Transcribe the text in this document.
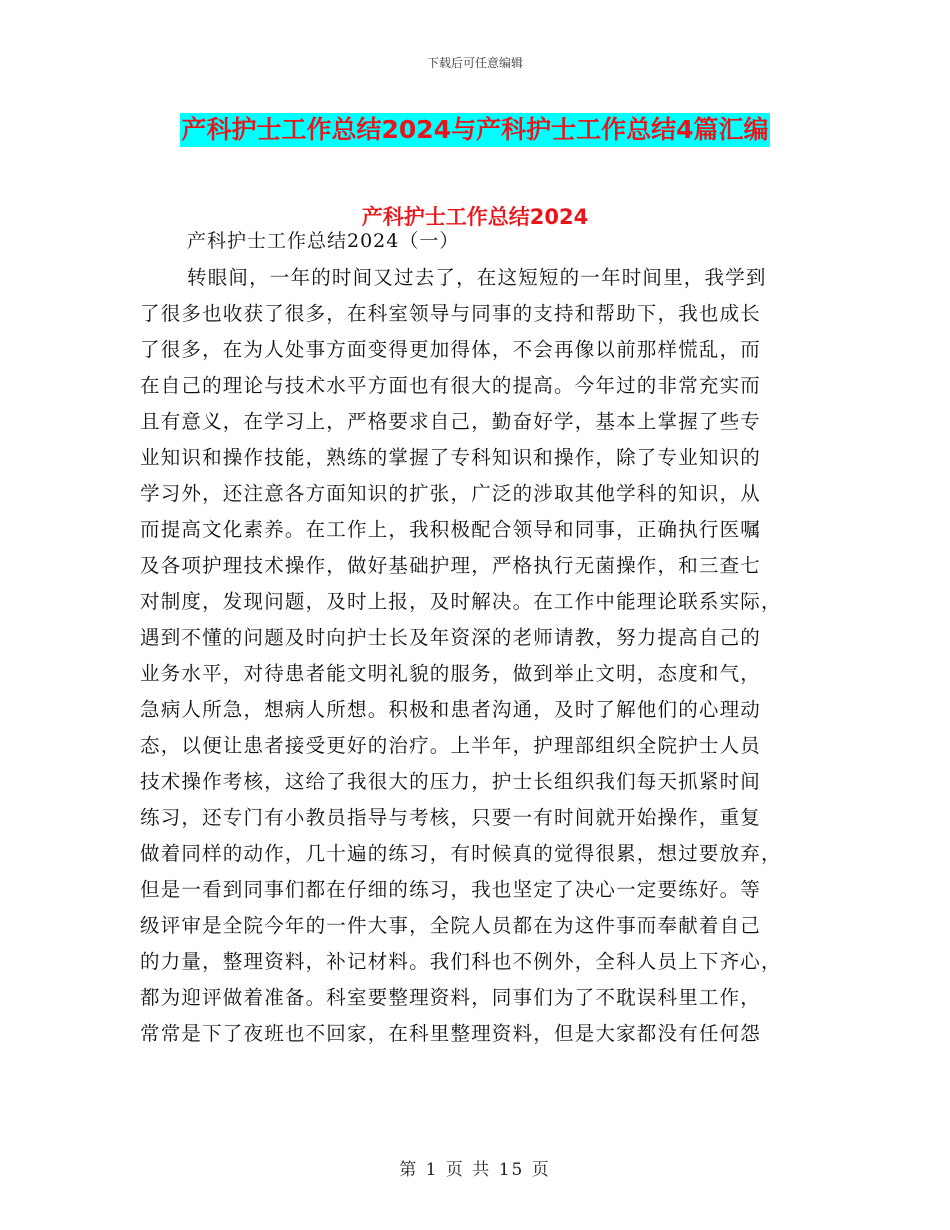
下载后可任意编辑
产科护士工作总结2024与产科护士工作总结4篇汇编
产科护士工作总结2024
产科护士工作总结2024（一）
转眼间，一年的时间又过去了，在这短短的一年时间里，我学到
了很多也收获了很多，在科室领导与同事的支持和帮助下，我也成长
了很多，在为人处事方面变得更加得体，不会再像以前那样慌乱，而
在自己的理论与技术水平方面也有很大的提高。今年过的非常充实而
且有意义，在学习上，严格要求自己，勤奋好学，基本上掌握了些专
业知识和操作技能，熟练的掌握了专科知识和操作，除了专业知识的
学习外，还注意各方面知识的扩张，广泛的涉取其他学科的知识，从
而提高文化素养。在工作上，我积极配合领导和同事，正确执行医嘱
及各项护理技术操作，做好基础护理，严格执行无菌操作，和三查七
对制度，发现问题，及时上报，及时解决。在工作中能理论联系实际，
遇到不懂的问题及时向护士长及年资深的老师请教，努力提高自己的
业务水平，对待患者能文明礼貌的服务，做到举止文明，态度和气，
急病人所急，想病人所想。积极和患者沟通，及时了解他们的心理动
态，以便让患者接受更好的治疗。上半年，护理部组织全院护士人员
技术操作考核，这给了我很大的压力，护士长组织我们每天抓紧时间
练习，还专门有小教员指导与考核，只要一有时间就开始操作，重复
做着同样的动作，几十遍的练习，有时候真的觉得很累，想过要放弃，
但是一看到同事们都在仔细的练习，我也坚定了决心一定要练好。等
级评审是全院今年的一件大事，全院人员都在为这件事而奉献着自己
的力量，整理资料，补记材料。我们科也不例外，全科人员上下齐心，
都为迎评做着准备。科室要整理资料，同事们为了不耽误科里工作，
常常是下了夜班也不回家，在科里整理资料，但是大家都没有任何怨
第 1 页 共 15 页
